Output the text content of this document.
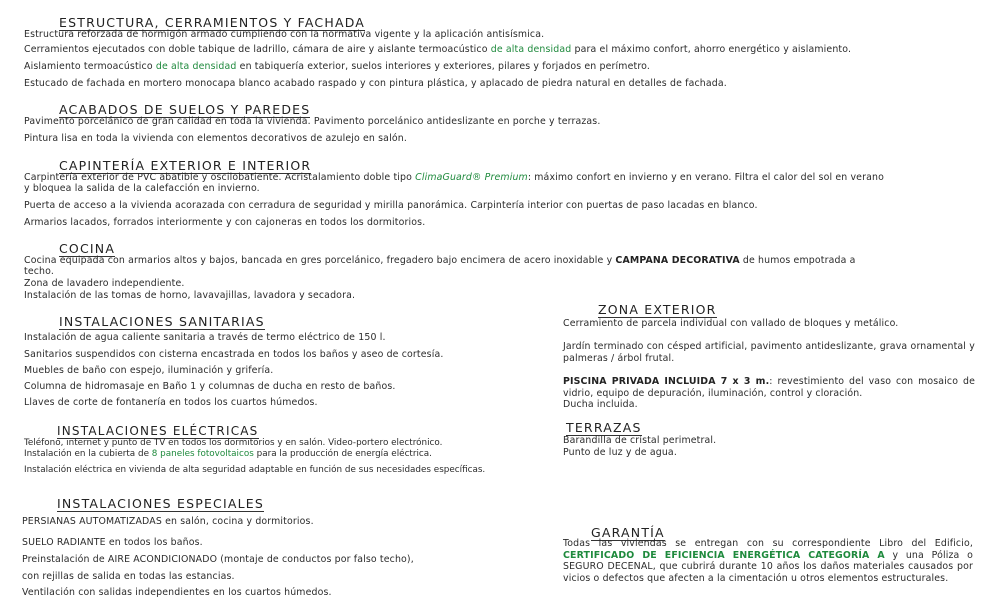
ESTRUCTURA, CERRAMIENTOS Y FACHADA
Estructura reforzada de hormigón armado cumpliendo con la normativa vigente y la aplicación antisísmica.
Cerramientos ejecutados con doble tabique de ladrillo, cámara de aire y aislante termoacústico de alta densidad para el máximo confort, ahorro energético y aislamiento.
Aislamiento termoacústico de alta densidad en tabiquería exterior, suelos interiores y exteriores, pilares y forjados en perímetro.
Estucado de fachada en mortero monocapa blanco acabado raspado y con pintura plástica, y aplacado de piedra natural en detalles de fachada.
ACABADOS DE SUELOS Y PAREDES
Pavimento porcelánico de gran calidad en toda la vivienda. Pavimento porcelánico antideslizante en porche y terrazas.
Pintura lisa en toda la vivienda con elementos decorativos de azulejo en salón.
CAPINTERÍA EXTERIOR E INTERIOR
Carpintería exterior de PVC abatible y oscilobatiente. Acristalamiento doble tipo ClimaGuard® Premium: máximo confort en invierno y en verano. Filtra el calor del sol en verano
y bloquea la salida de la calefacción en invierno.
Puerta de acceso a la vivienda acorazada con cerradura de seguridad y mirilla panorámica. Carpintería interior con puertas de paso lacadas en blanco.
Armarios lacados, forrados interiormente y con cajoneras en todos los dormitorios.
COCINA
Cocina equipada con armarios altos y bajos, bancada en gres porcelánico, fregadero bajo encimera de acero inoxidable y CAMPANA DECORATIVA de humos empotrada a
techo.
Zona de lavadero independiente.
Instalación de las tomas de horno, lavavajillas, lavadora y secadora.
INSTALACIONES SANITARIAS
Instalación de agua caliente sanitaria a través de termo eléctrico de 150 l.
Sanitarios suspendidos con cisterna encastrada en todos los baños y aseo de cortesía.
Muebles de baño con espejo, iluminación y grifería.
Columna de hidromasaje en Baño 1 y columnas de ducha en resto de baños.
Llaves de corte de fontanería en todos los cuartos húmedos.
INSTALACIONES ELÉCTRICAS
Teléfono, internet y punto de TV en todos los dormitorios y en salón. Video-portero electrónico.
Instalación en la cubierta de 8 paneles fotovoltaicos para la producción de energía eléctrica.
Instalación eléctrica en vivienda de alta seguridad adaptable en función de sus necesidades específicas.
INSTALACIONES ESPECIALES
PERSIANAS AUTOMATIZADAS en salón, cocina y dormitorios.
SUELO RADIANTE en todos los baños.
Preinstalación de AIRE ACONDICIONADO (montaje de conductos por falso techo),
con rejillas de salida en todas las estancias.
Ventilación con salidas independientes en los cuartos húmedos.
ZONA EXTERIOR
Cerramiento de parcela individual con vallado de bloques y metálico.
Jardín terminado con césped artificial, pavimento antideslizante, grava ornamental y palmeras / árbol frutal.
PISCINA PRIVADA INCLUIDA 7 x 3 m.: revestimiento del vaso con mosaico de vidrio, equipo de depuración, iluminación, control y cloración.
Ducha incluida.
TERRAZAS
Barandilla de cristal perimetral.
Punto de luz y de agua.
GARANTÍA
Todas las viviendas se entregan con su correspondiente Libro del Edificio, CERTIFICADO DE EFICIENCIA ENERGÉTICA CATEGORÍA A y una Póliza o SEGURO DECENAL, que cubrirá durante 10 años los daños materiales causados por vicios o defectos que afecten a la cimentación u otros elementos estructurales.
